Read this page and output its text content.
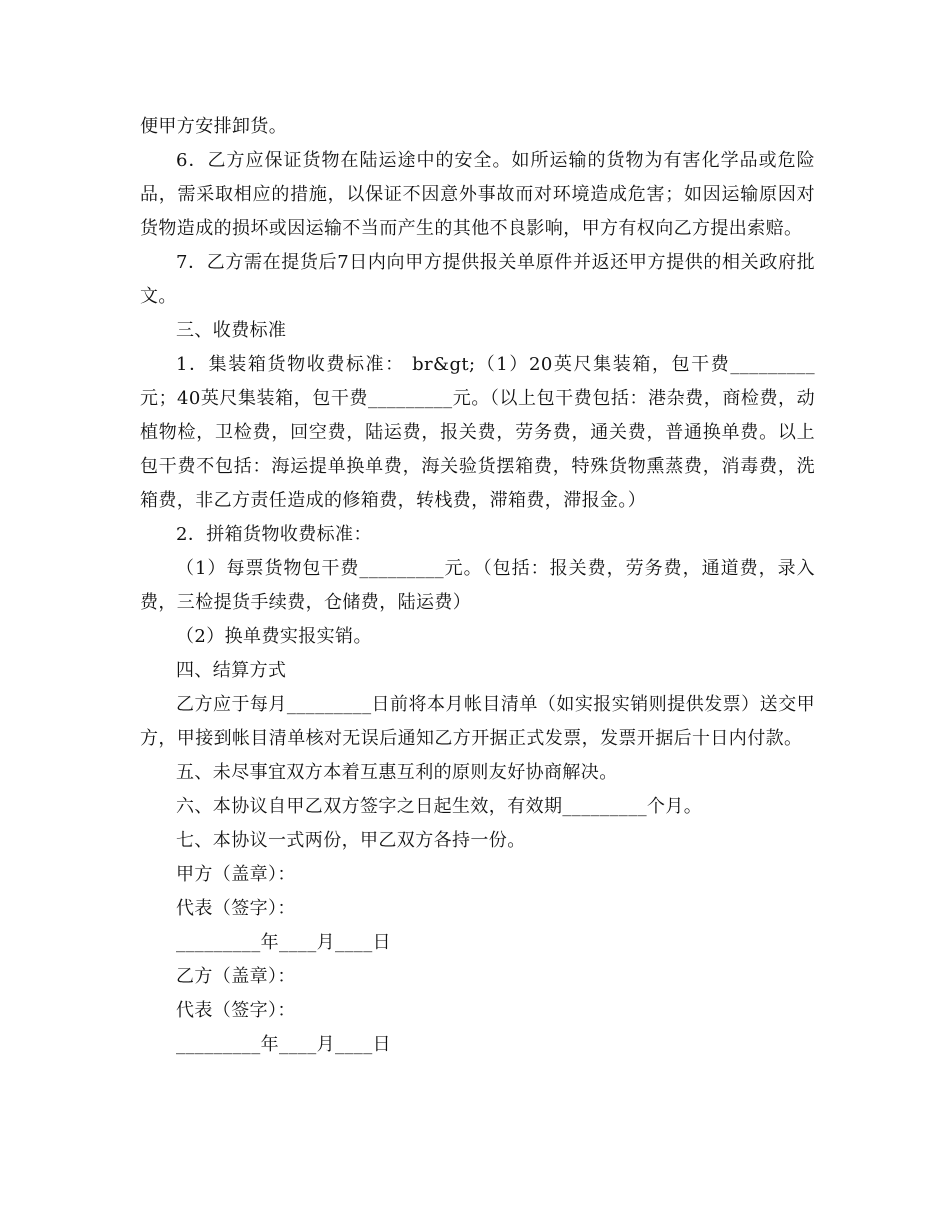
便甲方安排卸货。

6．乙方应保证货物在陆运途中的安全。如所运输的货物为有害化学品或危险品，需采取相应的措施，以保证不因意外事故而对环境造成危害；如因运输原因对货物造成的损坏或因运输不当而产生的其他不良影响，甲方有权向乙方提出索赔。

7．乙方需在提货后7日内向甲方提供报关单原件并返还甲方提供的相关政府批文。

三、收费标准

1．集装箱货物收费标准： br&gt;（1）20英尺集装箱，包干费_________元；40英尺集装箱，包干费_________元。（以上包干费包括：港杂费，商检费，动植物检，卫检费，回空费，陆运费，报关费，劳务费，通关费，普通换单费。以上包干费不包括：海运提单换单费，海关验货摆箱费，特殊货物熏蒸费，消毒费，洗箱费，非乙方责任造成的修箱费，转栈费，滞箱费，滞报金。）

2．拼箱货物收费标准：

（1）每票货物包干费_________元。（包括：报关费，劳务费，通道费，录入费，三检提货手续费，仓储费，陆运费）

（2）换单费实报实销。

四、结算方式

乙方应于每月_________日前将本月帐目清单（如实报实销则提供发票）送交甲方，甲接到帐目清单核对无误后通知乙方开据正式发票，发票开据后十日内付款。

五、未尽事宜双方本着互惠互利的原则友好协商解决。

六、本协议自甲乙双方签字之日起生效，有效期_________个月。

七、本协议一式两份，甲乙双方各持一份。

甲方（盖章）：

代表（签字）：

_________年____月____日

乙方（盖章）：

代表（签字）：

_________年____月____日
